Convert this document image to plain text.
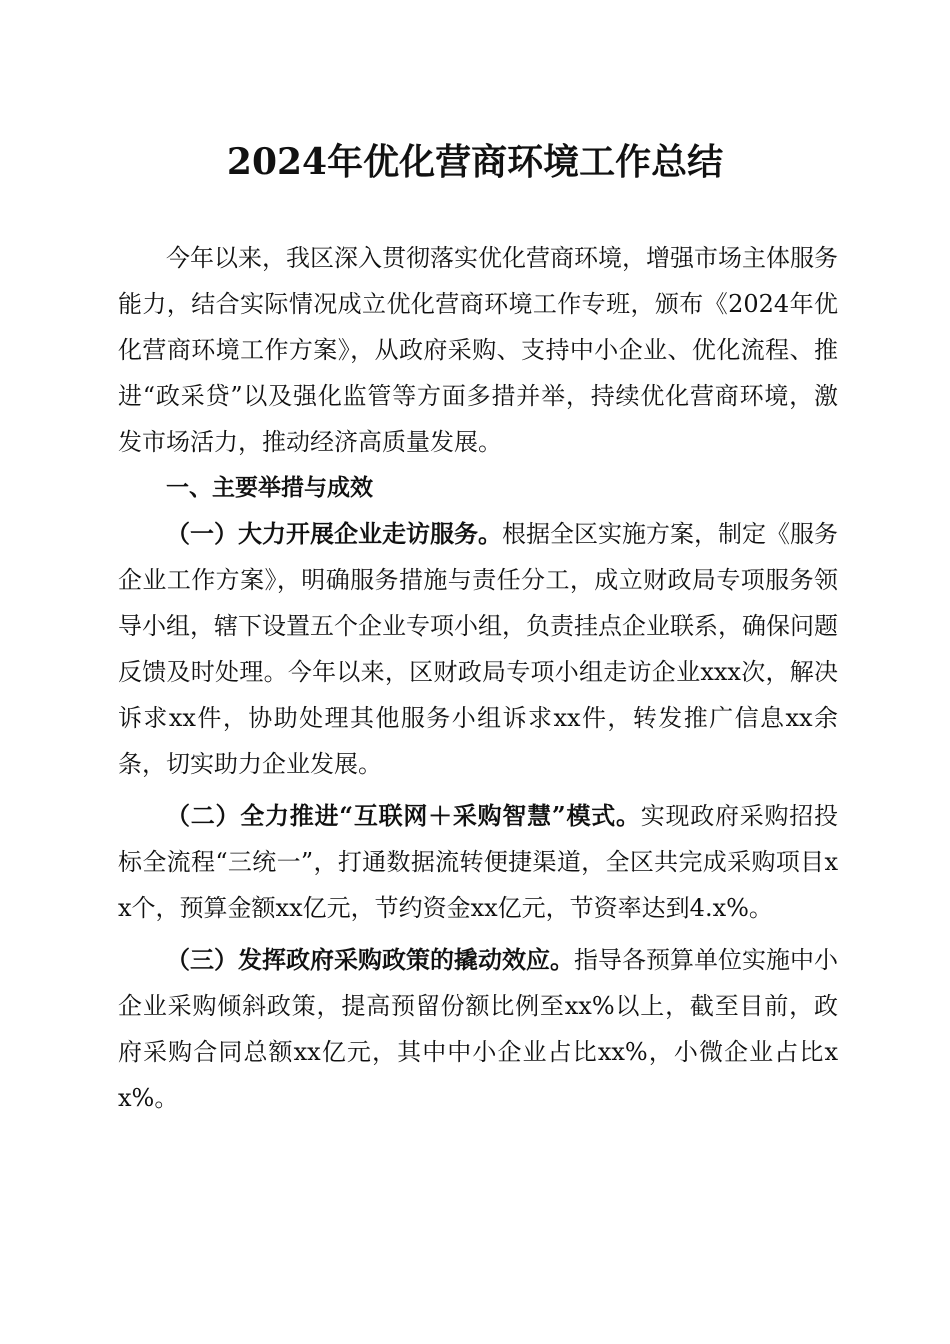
2024年优化营商环境工作总结

今年以来，我区深入贯彻落实优化营商环境，增强市场主体服务能力，结合实际情况成立优化营商环境工作专班，颁布《2024年优化营商环境工作方案》，从政府采购、支持中小企业、优化流程、推进“政采贷”以及强化监管等方面多措并举，持续优化营商环境，激发市场活力，推动经济高质量发展。

一、主要举措与成效

（一）大力开展企业走访服务。根据全区实施方案，制定《服务企业工作方案》，明确服务措施与责任分工，成立财政局专项服务领导小组，辖下设置五个企业专项小组，负责挂点企业联系，确保问题反馈及时处理。今年以来，区财政局专项小组走访企业xxx次，解决诉求xx件，协助处理其他服务小组诉求xx件，转发推广信息xx余条，切实助力企业发展。

（二）全力推进“互联网＋采购智慧”模式。实现政府采购招投标全流程“三统一”，打通数据流转便捷渠道，全区共完成采购项目xx个，预算金额xx亿元，节约资金xx亿元，节资率达到4.x%。

（三）发挥政府采购政策的撬动效应。指导各预算单位实施中小企业采购倾斜政策，提高预留份额比例至xx%以上，截至目前，政府采购合同总额xx亿元，其中中小企业占比xx%，小微企业占比xx%。
